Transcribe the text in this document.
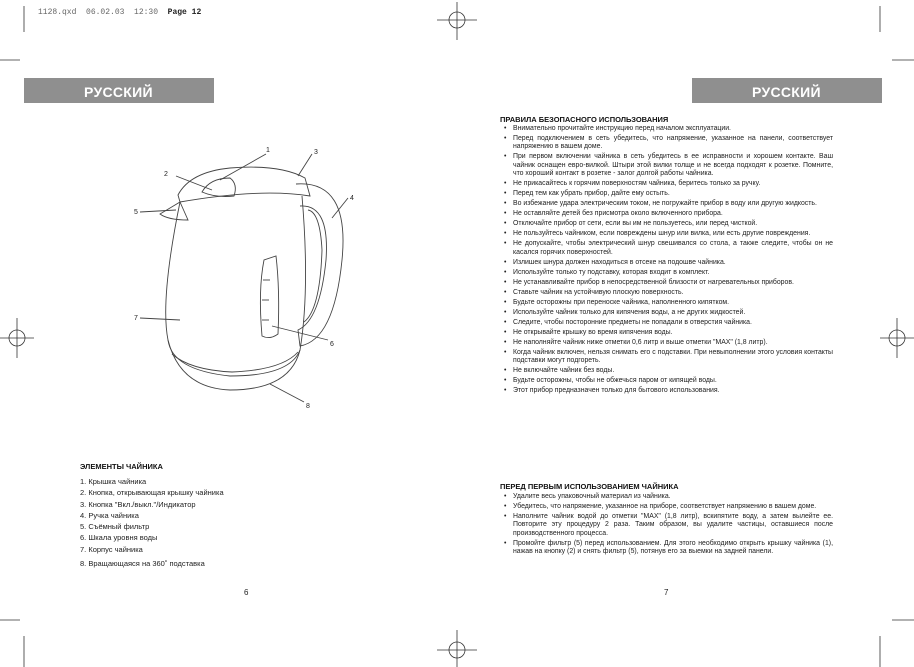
1128.qxd 06.02.03 12:30 Page 12
РУССКИЙ	РУССКИЙ
1
2
3
4
5
6
7
8
ЭЛЕМЕНТЫ ЧАЙНИКА
1. Крышка чайника
2. Кнопка, открывающая крышку чайника
3. Кнопка "Вкл./выкл."/Индикатор
4. Ручка чайника
5. Съёмный фильтр
6. Шкала уровня воды
7. Корпус чайника
8. Вращающаяся на 360˚ подставка
6
ПРАВИЛА БЕЗОПАСНОГО ИСПОЛЬЗОВАНИЯ
• Внимательно прочитайте инструкцию перед началом эксплуатации.
• Перед подключением в сеть убедитесь, что напряжение, указанное на панели, соответствует напряжению в вашем доме.
• При первом включении чайника в сеть убедитесь в ее исправности и хорошем контакте. Ваш чайник оснащен евро-вилкой. Штыри этой вилки толще и не всегда подходят к розетке. Помните, что хороший контакт в розетке - залог долгой работы чайника.
• Не прикасайтесь к горячим поверхностям чайника, беритесь только за ручку.
• Перед тем как убрать прибор, дайте ему остыть.
• Во избежание удара электрическим током, не погружайте прибор в воду или другую жидкость.
• Не оставляйте детей без присмотра около включенного прибора.
• Отключайте прибор от сети, если вы им не пользуетесь, или перед чисткой.
• Не пользуйтесь чайником, если повреждены шнур или вилка, или есть другие повреждения.
• Не допускайте, чтобы электрический шнур свешивался со стола, а также следите, чтобы он не касался горячих поверхностей.
• Излишек шнура должен находиться в отсеке на подошве чайника.
• Используйте только ту подставку, которая входит в комплект.
• Не устанавливайте прибор в непосредственной близости от нагревательных приборов.
• Ставьте чайник на устойчивую плоскую поверхность.
• Будьте осторожны при переноске чайника, наполненного кипятком.
• Используйте чайник только для кипячения воды, а не других жидкостей.
• Следите, чтобы посторонние предметы не попадали в отверстия чайника.
• Не открывайте крышку во время кипячения воды.
• Не наполняйте чайник ниже отметки 0,6 литр и выше отметки "MAX" (1,8 литр).
• Когда чайник включен, нельзя снимать его с подставки. При невыполнении этого условия контакты подставки могут подгореть.
• Не включайте чайник без воды.
• Будьте осторожны, чтобы не обжечься паром от кипящей воды.
• Этот прибор предназначен только для бытового использования.
ПЕРЕД ПЕРВЫМ ИСПОЛЬЗОВАНИЕМ ЧАЙНИКА
• Удалите весь упаковочный материал из чайника.
• Убедитесь, что напряжение, указанное на приборе, соответствует напряжению в вашем доме.
• Наполните чайник водой до отметки "MAX" (1,8 литр), вскипятите воду, а затем вылейте ее. Повторите эту процедуру 2 раза. Таким образом, вы удалите частицы, оставшиеся после производственного процесса.
• Промойте фильтр (5) перед использованием. Для этого необходимо открыть крышку чайника (1), нажав на кнопку (2) и снять фильтр (5), потянув его за выемки на задней панели.
7
